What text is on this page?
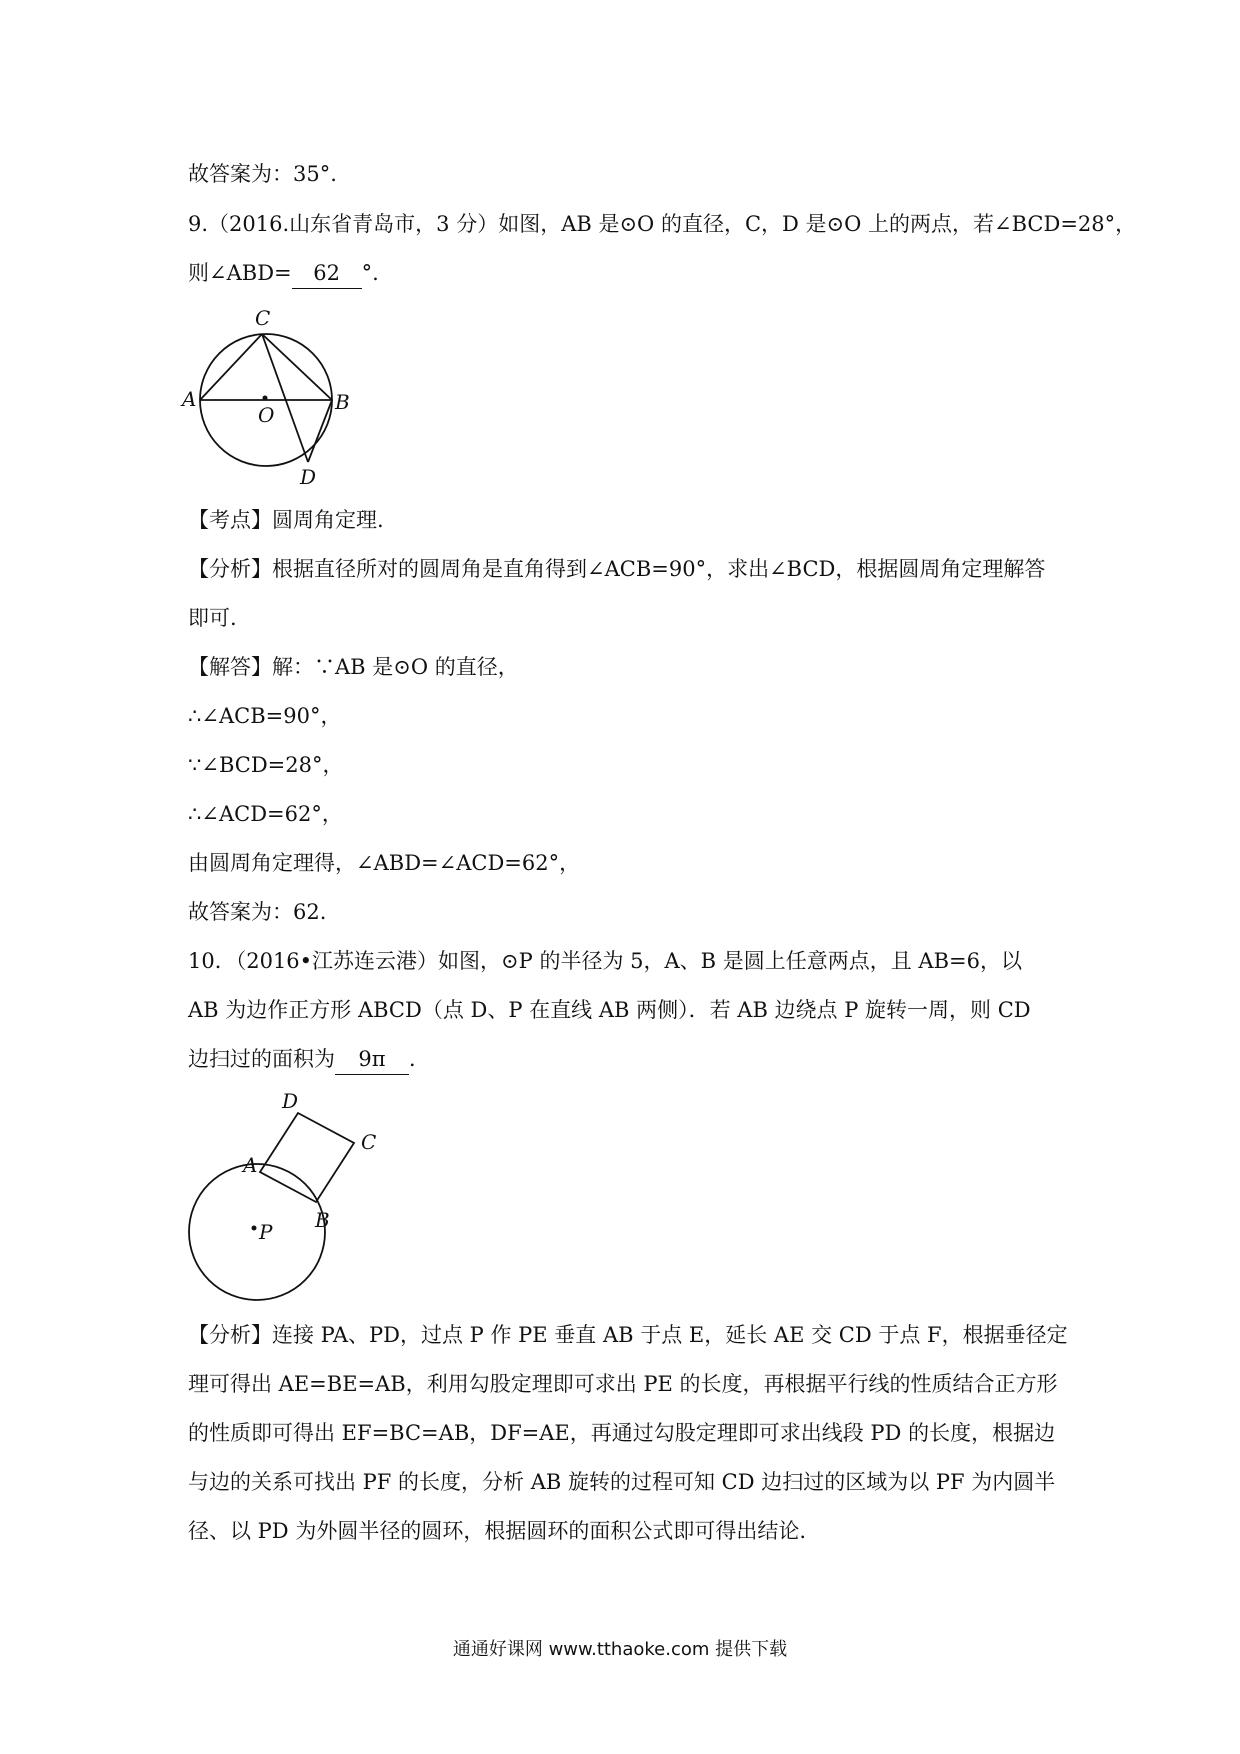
故答案为：35°.
9.（2016.山东省青岛市，3 分）如图，AB 是⊙O 的直径，C，D 是⊙O 上的两点，若∠BCD=28°，
则∠ABD= 62 °.
A	B
C
D
O
【考点】圆周角定理.
【分析】根据直径所对的圆周角是直角得到∠ACB=90°，求出∠BCD，根据圆周角定理解答
即可.
【解答】解：∵AB 是⊙O 的直径，
∴∠ACB=90°，
∵∠BCD=28°，
∴∠ACD=62°，
由圆周角定理得，∠ABD=∠ACD=62°，
故答案为：62.
10．（2016•江苏连云港）如图，⊙P 的半径为 5，A、B 是圆上任意两点，且 AB=6，以
AB 为边作正方形 ABCD（点 D、P 在直线 AB 两侧）．若 AB 边绕点 P 旋转一周，则 CD
边扫过的面积为 9π ．
A
D
C
B
P
【分析】连接 PA、PD，过点 P 作 PE 垂直 AB 于点 E，延长 AE 交 CD 于点 F，根据垂径定
理可得出 AE=BE=AB，利用勾股定理即可求出 PE 的长度，再根据平行线的性质结合正方形
的性质即可得出 EF=BC=AB，DF=AE，再通过勾股定理即可求出线段 PD 的长度，根据边
与边的关系可找出 PF 的长度，分析 AB 旋转的过程可知 CD 边扫过的区域为以 PF 为内圆半
径、以 PD 为外圆半径的圆环，根据圆环的面积公式即可得出结论.
通通好课网 www.tthaoke.com 提供下载
